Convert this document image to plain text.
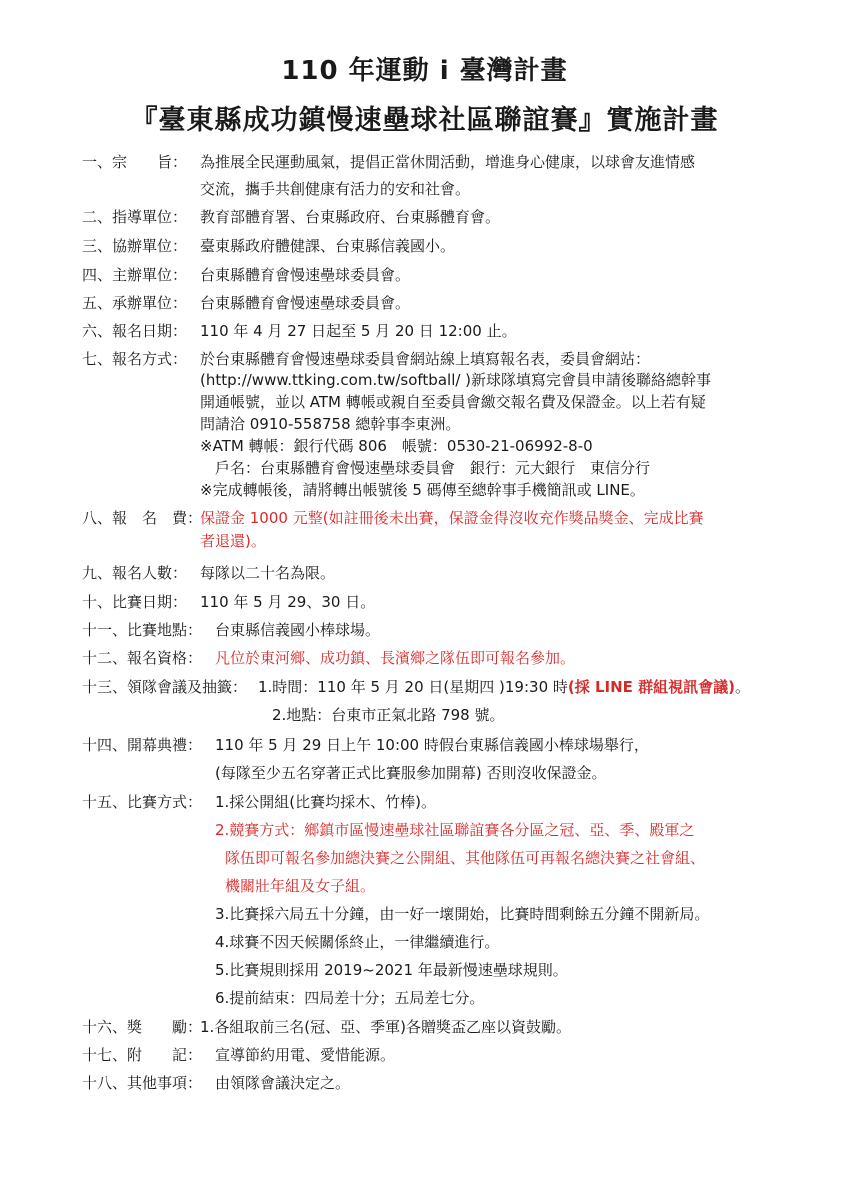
110 年運動 i 臺灣計畫
『臺東縣成功鎮慢速壘球社區聯誼賽』實施計畫
一、宗　　旨： 為推展全民運動風氣，提倡正當休閒活動，增進身心健康，以球會友進情感
交流，攜手共創健康有活力的安和社會。
二、指導單位： 教育部體育署、台東縣政府、台東縣體育會。
三、協辦單位： 臺東縣政府體健課、台東縣信義國小。
四、主辦單位： 台東縣體育會慢速壘球委員會。
五、承辦單位： 台東縣體育會慢速壘球委員會。
六、報名日期： 110 年 4 月 27 日起至 5 月 20 日 12:00 止。
七、報名方式： 於台東縣體育會慢速壘球委員會網站線上填寫報名表，委員會網站：
(http://www.ttking.com.tw/softball/ )新球隊填寫完會員申請後聯絡總幹事
開通帳號，並以 ATM 轉帳或親自至委員會繳交報名費及保證金。以上若有疑
問請洽 0910-558758 總幹事李東洲。
※ATM 轉帳：銀行代碼 806　帳號：0530-21-06992-8-0
戶名：台東縣體育會慢速壘球委員會　銀行：元大銀行　東信分行
※完成轉帳後，請將轉出帳號後 5 碼傳至總幹事手機簡訊或 LINE。
八、報　名　費：
保證金 1000 元整(如註冊後未出賽，保證金得沒收充作獎品獎金、完成比賽
者退還)。
九、報名人數： 每隊以二十名為限。
十、比賽日期： 110 年 5 月 29、30 日。
十一、比賽地點： 台東縣信義國小棒球場。
十二、報名資格： 凡位於東河鄉、成功鎮、長濱鄉之隊伍即可報名參加。
十三、領隊會議及抽籤： 1.時間：110 年 5 月 20 日(星期四 )19:30 時(採 LINE 群組視訊會議)。
2.地點：台東市正氣北路 798 號。
十四、開幕典禮： 110 年 5 月 29 日上午 10:00 時假台東縣信義國小棒球場舉行，
(每隊至少五名穿著正式比賽服參加開幕) 否則沒收保證金。
十五、比賽方式： 1.採公開組(比賽均採木、竹棒)。
2.競賽方式：鄉鎮市區慢速壘球社區聯誼賽各分區之冠、亞、季、殿軍之
隊伍即可報名參加總決賽之公開組、其他隊伍可再報名總決賽之社會組、
機關壯年組及女子組。
3.比賽採六局五十分鐘，由一好一壞開始，比賽時間剩餘五分鐘不開新局。
4.球賽不因天候關係終止，一律繼續進行。
5.比賽規則採用 2019~2021 年最新慢速壘球規則。
6.提前結束：四局差十分；五局差七分。
十六、獎　　勵：
1.各組取前三名(冠、亞、季軍)各贈獎盃乙座以資鼓勵。
十七、附　　記： 宣導節約用電、愛惜能源。
十八、其他事項： 由領隊會議決定之。
